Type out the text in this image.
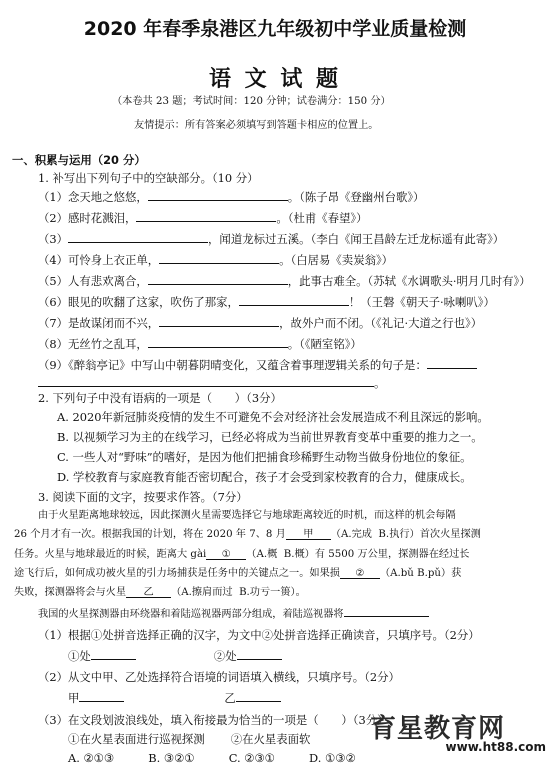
2020 年春季泉港区九年级初中学业质量检测
语 文 试 题
（本卷共 23 题；考试时间：120 分钟；试卷满分：150 分）
友情提示：所有答案必须填写到答题卡相应的位置上。
一、积累与运用（20 分）
1. 补写出下列句子中的空缺部分。（10 分）
（1）念天地之悠悠，	。（陈子昂《登幽州台歌》）
（2）感时花溅泪，	。（杜甫《春望》）
（3）	，闻道龙标过五溪。（李白《闻王昌龄左迁龙标遥有此寄》）
（4）可怜身上衣正单，	。（白居易《卖炭翁》）
（5）人有悲欢离合，	，此事古难全。（苏轼《水调歌头·明月几时有》）
（6）眼见的吹翻了这家，吹伤了那家，	！（王磐《朝天子·咏喇叭》）
（7）是故谋闭而不兴，	，故外户而不闭。（《礼记·大道之行也》）
（8）无丝竹之乱耳，	。（《陋室铭》）
（9）《醉翁亭记》中写山中朝暮阴晴变化，又蕴含着事理逻辑关系的句子是：
。
2. 下列句子中没有语病的一项是（　　）（3分）
A. 2020年新冠肺炎疫情的发生不可避免不会对经济社会发展造成不利且深远的影响。
B. 以视频学习为主的在线学习，已经必将成为当前世界教育变革中重要的推力之一。
C. 一些人对“野味”的嗜好，是因为他们把捕食珍稀野生动物当做身份地位的象征。
D. 学校教育与家庭教育能否密切配合，孩子才会受到家校教育的合力，健康成长。
3. 阅读下面的文字，按要求作答。（7分）
由于火星距离地球较远，因此探测火星需要选择它与地球距离较近的时机，而这样的机会每隔
26 个月才有一次。根据我国的计划，将在 2020 年 7、8 月 甲 （A.完成  B.执行）首次火星探测
任务。火星与地球最近的时候，距离大 gài ① （A.概  B.概）有 5500 万公里，探测器在经过长
途飞行后，如何成功被火星的引力场捕获是任务中的关键点之一。如果损 ② （A.bǔ B.pǔ）获
失败，探测器将会与火星 乙 （A.擦肩而过  B.功亏一篑）。
我国的火星探测器由环绕器和着陆巡视器两部分组成，着陆巡视器将
（1）根据①处拼音选择正确的汉字，为文中②处拼音选择正确读音，只填序号。（2分）
①处	②处
（2）从文中甲、乙处选择符合语境的词语填入横线，只填序号。（2分）
甲	乙
（3）在文段划波浪线处，填入衔接最为恰当的一项是（　　）（3分）
①在火星表面进行巡视探测 ②在火星表面软
A. ②①③　　　B. ③②①　　　C. ②③①　　　D. ①③②
育星教育网
www.ht88.com
